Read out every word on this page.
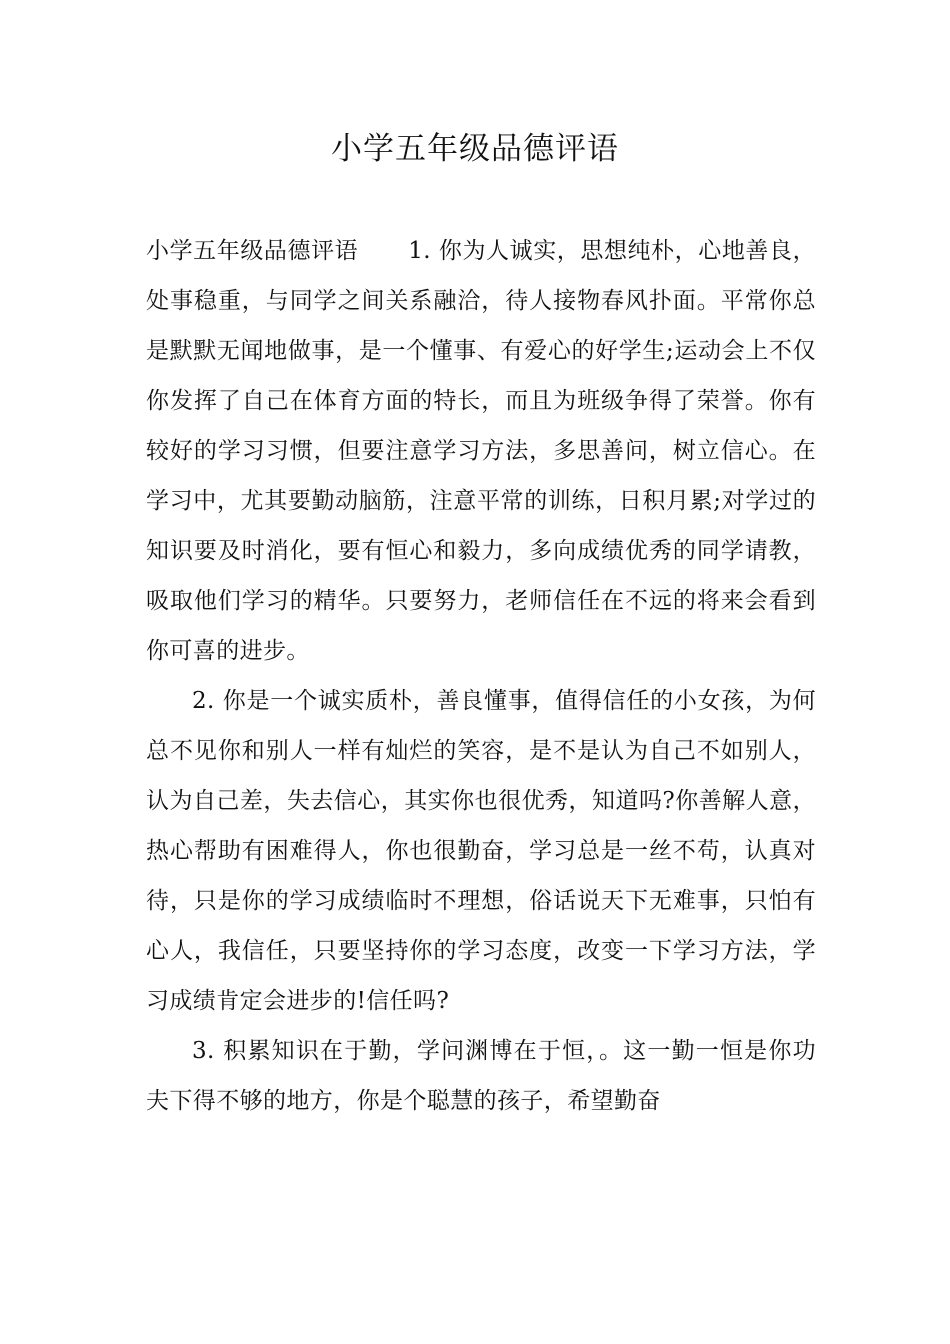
小学五年级品德评语

小学五年级品德评语 1. 你为人诚实，思想纯朴，心地善良，处事稳重，与同学之间关系融洽，待人接物春风扑面。平常你总是默默无闻地做事，是一个懂事、有爱心的好学生;运动会上不仅你发挥了自己在体育方面的特长，而且为班级争得了荣誉。你有较好的学习习惯，但要注意学习方法，多思善问，树立信心。在学习中，尤其要勤动脑筋，注意平常的训练，日积月累;对学过的知识要及时消化，要有恒心和毅力，多向成绩优秀的同学请教，吸取他们学习的精华。只要努力，老师信任在不远的将来会看到你可喜的进步。

2. 你是一个诚实质朴，善良懂事，值得信任的小女孩，为何总不见你和别人一样有灿烂的笑容，是不是认为自己不如别人，认为自己差，失去信心，其实你也很优秀，知道吗?你善解人意，热心帮助有困难得人，你也很勤奋，学习总是一丝不苟，认真对待，只是你的学习成绩临时不理想，俗话说天下无难事，只怕有心人，我信任，只要坚持你的学习态度，改变一下学习方法，学习成绩肯定会进步的!信任吗?

3. 积累知识在于勤，学问渊博在于恒，。这一勤一恒是你功夫下得不够的地方，你是个聪慧的孩子，希望勤奋
